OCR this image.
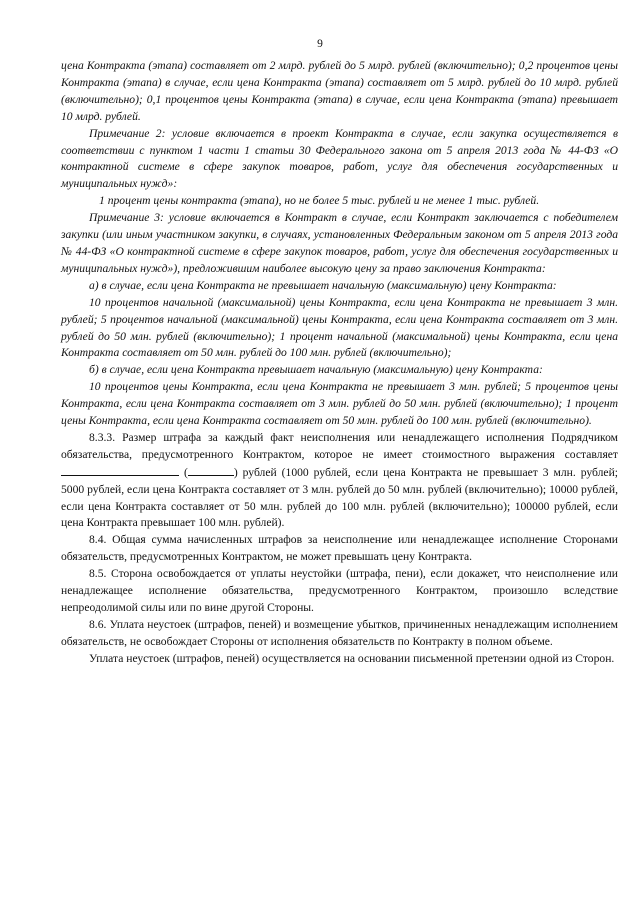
9

цена Контракта (этапа) составляет от 2 млрд. рублей до 5 млрд. рублей (включительно); 0,2 процентов цены Контракта (этапа) в случае, если цена Контракта (этапа) составляет от 5 млрд. рублей до 10 млрд. рублей (включительно); 0,1 процентов цены Контракта (этапа) в случае, если цена Контракта (этапа) превышает 10 млрд. рублей.

Примечание 2: условие включается в проект Контракта в случае, если закупка осуществляется в соответствии с пунктом 1 части 1 статьи 30 Федерального закона от 5 апреля 2013 года № 44-ФЗ «О контрактной системе в сфере закупок товаров, работ, услуг для обеспечения государственных и муниципальных нужд»:

1 процент цены контракта (этапа), но не более 5 тыс. рублей и не менее 1 тыс. рублей.

Примечание 3: условие включается в Контракт в случае, если Контракт заключается с победителем закупки (или иным участником закупки, в случаях, установленных Федеральным законом от 5 апреля 2013 года № 44-ФЗ «О контрактной системе в сфере закупок товаров, работ, услуг для обеспечения государственных и муниципальных нужд»), предложившим наиболее высокую цену за право заключения Контракта:

а) в случае, если цена Контракта не превышает начальную (максимальную) цену Контракта:

10 процентов начальной (максимальной) цены Контракта, если цена Контракта не превышает 3 млн. рублей; 5 процентов начальной (максимальной) цены Контракта, если цена Контракта составляет от 3 млн. рублей до 50 млн. рублей (включительно); 1 процент начальной (максимальной) цены Контракта, если цена Контракта составляет от 50 млн. рублей до 100 млн. рублей (включительно);

б) в случае, если цена Контракта превышает начальную (максимальную) цену Контракта:

10 процентов цены Контракта, если цена Контракта не превышает 3 млн. рублей; 5 процентов цены Контракта, если цена Контракта составляет от 3 млн. рублей до 50 млн. рублей (включительно); 1 процент цены Контракта, если цена Контракта составляет от 50 млн. рублей до 100 млн. рублей (включительно).

8.3.3. Размер штрафа за каждый факт неисполнения или ненадлежащего исполнения Подрядчиком обязательства, предусмотренного Контрактом, которое не имеет стоимостного выражения составляет  (	) рублей (1000 рублей, если цена Контракта не превышает 3 млн. рублей; 5000 рублей, если цена Контракта составляет от 3 млн. рублей до 50 млн. рублей (включительно); 10000 рублей, если цена Контракта составляет от 50 млн. рублей до 100 млн. рублей (включительно); 100000 рублей, если цена Контракта превышает 100 млн. рублей).

8.4. Общая сумма начисленных штрафов за неисполнение или ненадлежащее исполнение Сторонами обязательств, предусмотренных Контрактом, не может превышать цену Контракта.

8.5. Сторона освобождается от уплаты неустойки (штрафа, пени), если докажет, что неисполнение или ненадлежащее исполнение обязательства, предусмотренного Контрактом, произошло вследствие непреодолимой силы или по вине другой Стороны.

8.6. Уплата неустоек (штрафов, пеней) и возмещение убытков, причиненных ненадлежащим исполнением обязательств, не освобождает Стороны от исполнения обязательств по Контракту в полном объеме.

Уплата неустоек (штрафов, пеней) осуществляется на основании письменной претензии одной из Сторон.
